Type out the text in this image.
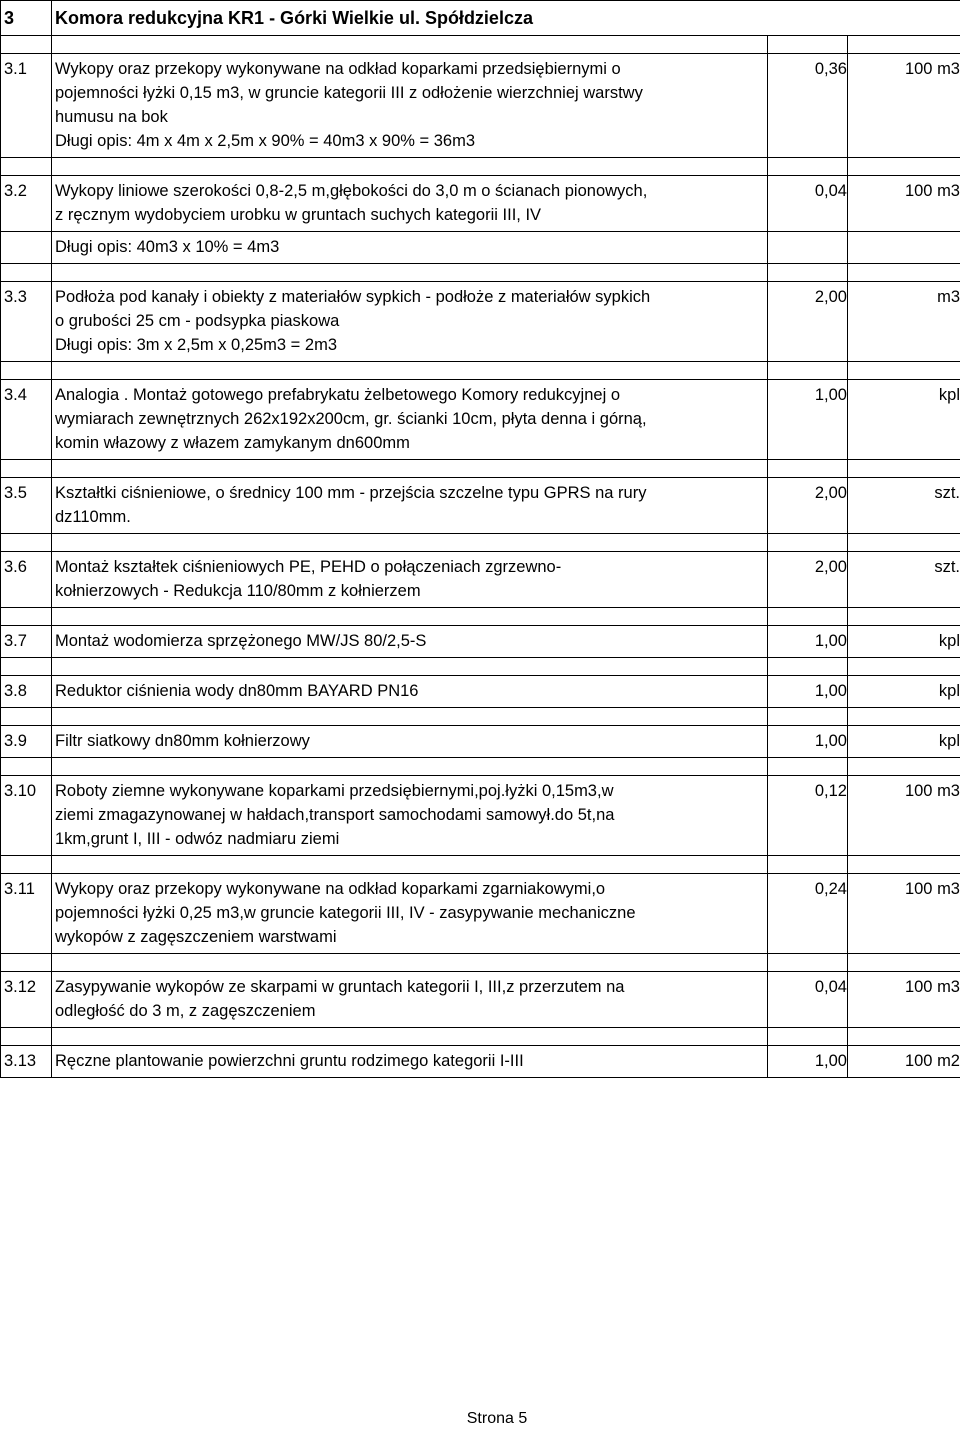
3	Komora redukcyjna KR1 - Górki Wielkie ul. Spółdzielcza		

3.1	Wykopy oraz przekopy wykonywane na odkład koparkami przedsiębiernymi o
pojemności łyżki 0,15 m3, w gruncie kategorii III z odłożenie wierzchniej warstwy
humusu na bok
Długi opis: 4m x 4m x 2,5m x 90% = 40m3 x 90% = 36m3	0,36	100 m3

3.2	Wykopy liniowe szerokości 0,8-2,5 m,głębokości do 3,0 m o ścianach pionowych,
z ręcznym wydobyciem urobku w gruntach suchych kategorii III, IV	0,04	100 m3
	Długi opis: 40m3 x 10% = 4m3		

3.3	Podłoża pod kanały i obiekty z materiałów sypkich - podłoże z materiałów sypkich
o grubości 25 cm - podsypka piaskowa
Długi opis: 3m x 2,5m x 0,25m3 = 2m3	2,00	m3

3.4	Analogia . Montaż gotowego prefabrykatu żelbetowego Komory redukcyjnej o
wymiarach zewnętrznych 262x192x200cm, gr. ścianki 10cm, płyta denna i górną,
komin włazowy z włazem zamykanym dn600mm	1,00	kpl

3.5	Kształtki ciśnieniowe, o średnicy 100 mm - przejścia szczelne typu GPRS na rury
dz110mm.	2,00	szt.

3.6	Montaż kształtek ciśnieniowych PE, PEHD o połączeniach zgrzewno-
kołnierzowych - Redukcja 110/80mm z kołnierzem	2,00	szt.

3.7	Montaż wodomierza sprzężonego MW/JS 80/2,5-S	1,00	kpl

3.8	Reduktor ciśnienia wody dn80mm BAYARD PN16	1,00	kpl

3.9	Filtr siatkowy dn80mm kołnierzowy	1,00	kpl

3.10	Roboty ziemne wykonywane koparkami przedsiębiernymi,poj.łyżki 0,15m3,w
ziemi zmagazynowanej w hałdach,transport samochodami samowył.do 5t,na
1km,grunt I, III - odwóz nadmiaru ziemi	0,12	100 m3

3.11	Wykopy oraz przekopy wykonywane na odkład koparkami zgarniakowymi,o
pojemności łyżki 0,25 m3,w gruncie kategorii III, IV - zasypywanie mechaniczne
wykopów z zagęszczeniem warstwami	0,24	100 m3

3.12	Zasypywanie wykopów ze skarpami w gruntach kategorii I, III,z przerzutem na
odległość do 3 m, z zagęszczeniem	0,04	100 m3

3.13	Ręczne plantowanie powierzchni gruntu rodzimego kategorii I-III	1,00	100 m2
Strona 5
